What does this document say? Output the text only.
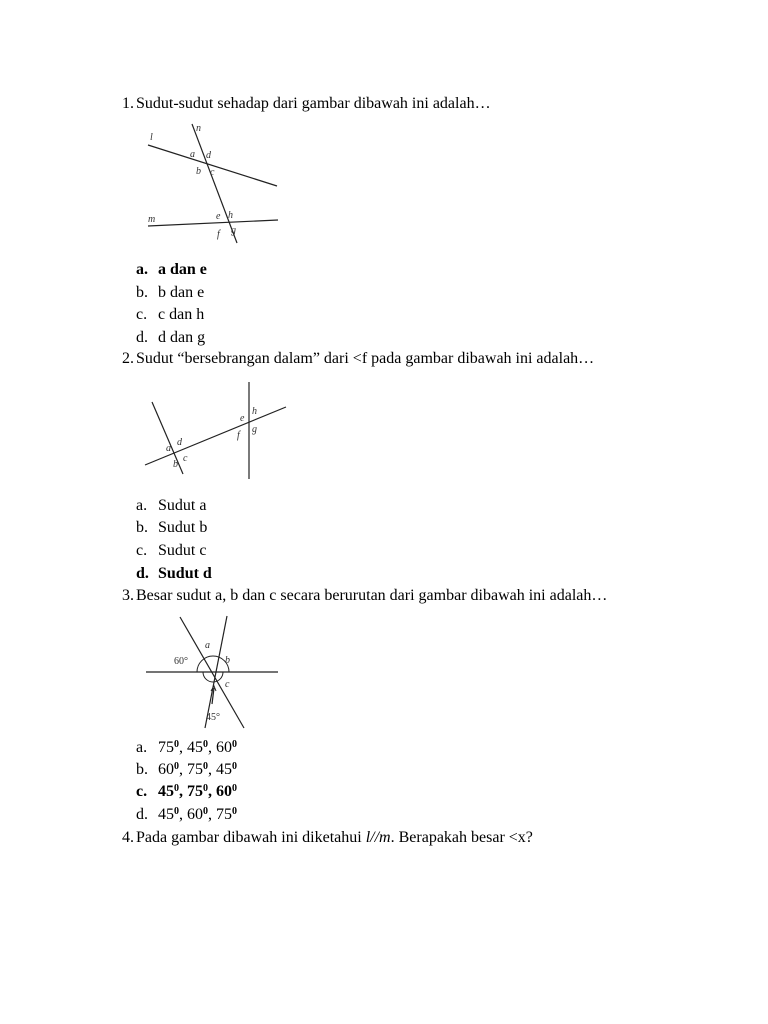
1. Sudut-sudut sehadap dari gambar dibawah ini adalah…
l
n
a d
b c
m	e h
f g
a. a dan e
b. b dan e
c. c dan h
d. d dan g
2. Sudut “bersebrangan dalam” dari <f pada gambar dibawah ini adalah…
e
h
f
g
a
d
c
b
a. Sudut a
b. Sudut b
c. Sudut c
d. Sudut d
3. Besar sudut a, b dan c secara berurutan dari gambar dibawah ini adalah…
a
60°	b
c
45°
a. $75^0$, $45^0$, $60^0$
b. $60^0$, $75^0$, $45^0$
c. $45^0$, $75^0$, $60^0$
d. $45^0$, $60^0$, $75^0$
4. Pada gambar dibawah ini diketahui l//m. Berapakah besar <x?
